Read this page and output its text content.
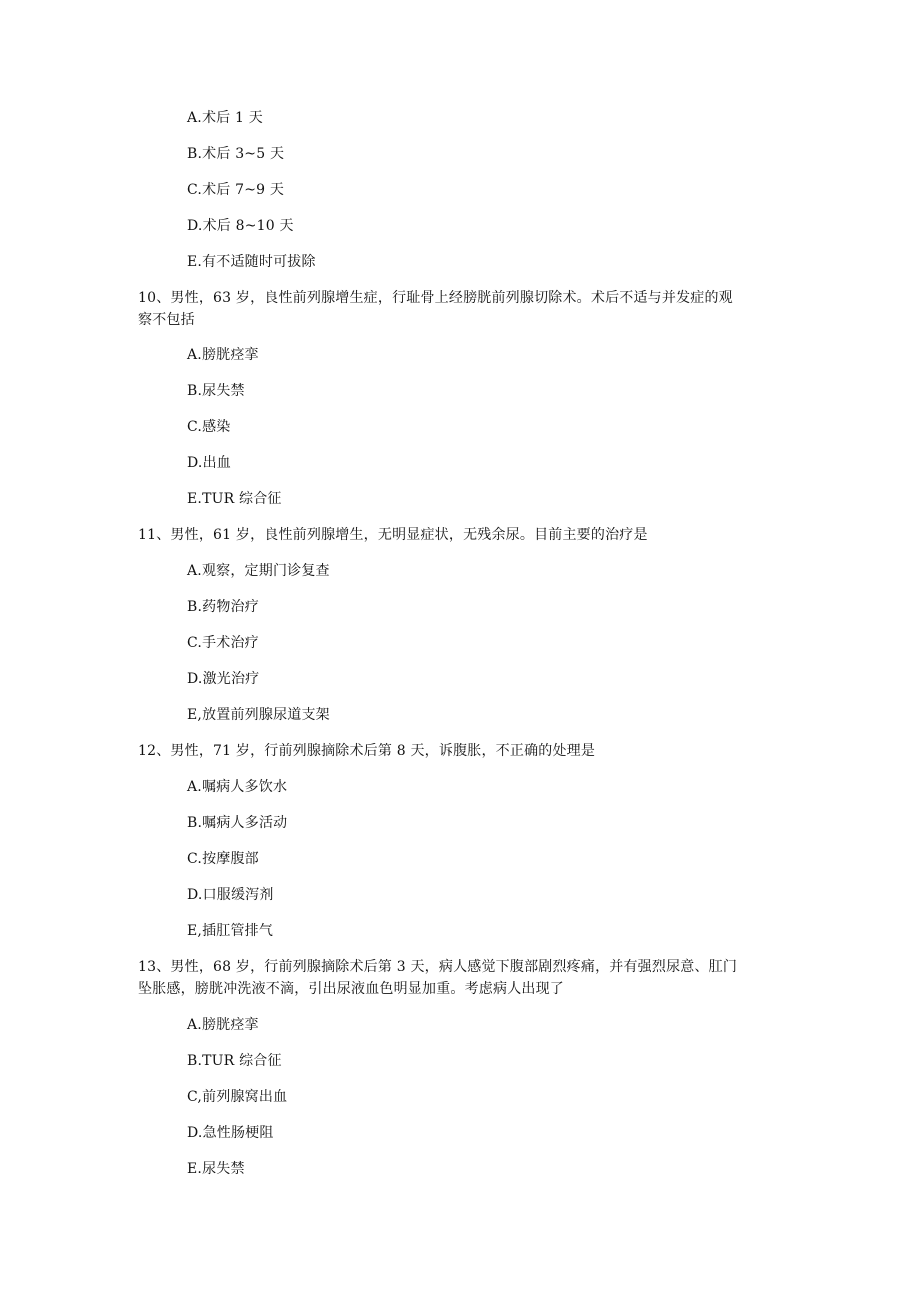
A.术后 1 天
B.术后 3~5 天
C.术后 7~9 天
D.术后 8~10 天
E.有不适随时可拔除
10、男性，63 岁，良性前列腺增生症，行耻骨上经膀胱前列腺切除术。术后不适与并发症的观
察不包括
A.膀胱痉挛
B.尿失禁
C.感染
D.出血
E.TUR 综合征
11、男性，61 岁，良性前列腺增生，无明显症状，无残余尿。目前主要的治疗是
A.观察，定期门诊复查
B.药物治疗
C.手术治疗
D.激光治疗
E,放置前列腺尿道支架
12、男性，71 岁，行前列腺摘除术后第 8 天，诉腹胀，不正确的处理是
A.嘱病人多饮水
B.嘱病人多活动
C.按摩腹部
D.口服缓泻剂
E,插肛管排气
13、男性，68 岁，行前列腺摘除术后第 3 天，病人感觉下腹部剧烈疼痛，并有强烈尿意、肛门
坠胀感，膀胱冲洗液不滴，引出尿液血色明显加重。考虑病人出现了
A.膀胱痉挛
B.TUR 综合征
C,前列腺窝出血
D.急性肠梗阻
E.尿失禁
